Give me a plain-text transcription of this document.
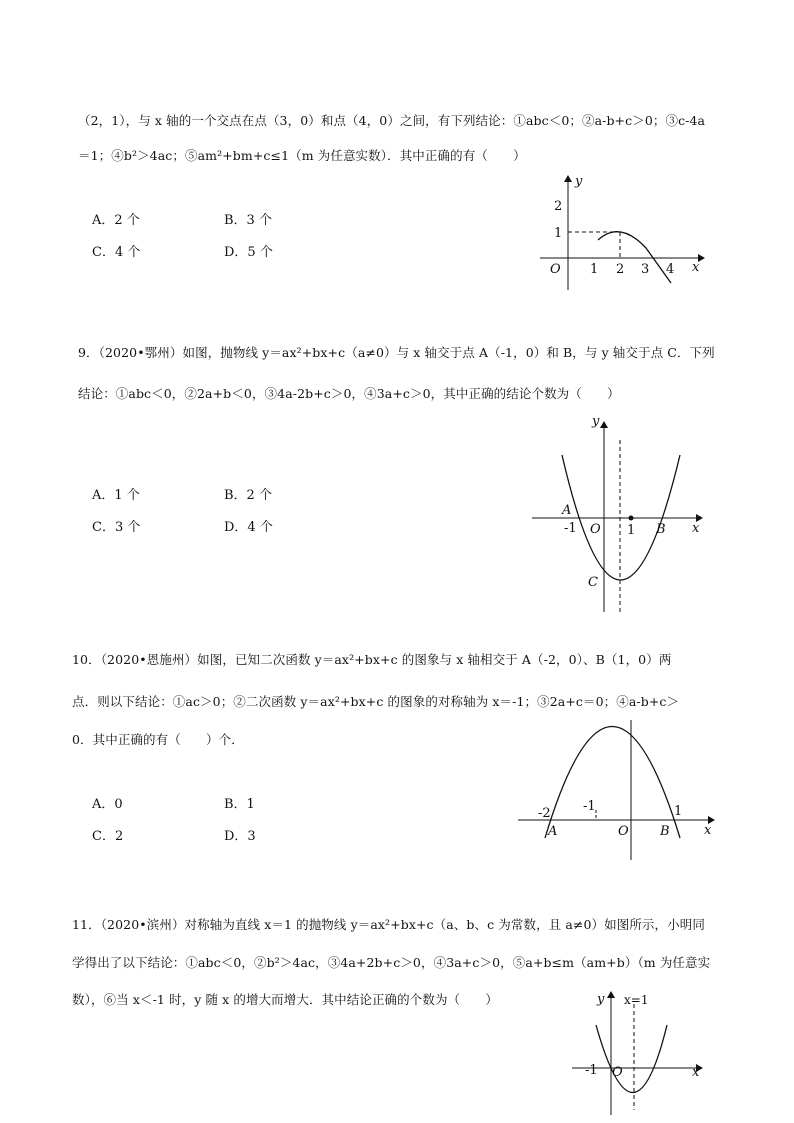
（2，1），与 x 轴的一个交点在点（3，0）和点（4，0）之间，有下列结论：①abc＜0；②a-b+c＞0；③c-4a
＝1；④b²＞4ac；⑤am²+bm+c≤1（m 为任意实数）．其中正确的有（　　）
A．2 个	B．3 个
C．4 个	D．5 个
y
x
O
2
1
1 2 3 4
9．（2020•鄂州）如图，抛物线 y＝ax²+bx+c（a≠0）与 x 轴交于点 A（-1，0）和 B，与 y 轴交于点 C．下列
结论：①abc＜0，②2a+b＜0，③4a-2b+c＞0，④3a+c＞0，其中正确的结论个数为（　　）
A．1 个	B．2 个
C．3 个	D．4 个
y
x
O
A
B
C
-1	1
10．（2020•恩施州）如图，已知二次函数 y＝ax²+bx+c 的图象与 x 轴相交于 A（-2，0）、B（1，0）两
点．则以下结论：①ac＞0；②二次函数 y＝ax²+bx+c 的图象的对称轴为 x＝-1；③2a+c＝0；④a-b+c＞
0．其中正确的有（　　）个．
A．0	B．1
C．2	D．3	x
O
A	B
-2 -1	1
11．（2020•滨州）对称轴为直线 x＝1 的抛物线 y＝ax²+bx+c（a、b、c 为常数，且 a≠0）如图所示，小明同
学得出了以下结论：①abc＜0，②b²＞4ac，③4a+2b+c＞0，④3a+c＞0，⑤a+b≤m（am+b）（m 为任意实
数），⑥当 x＜-1 时，y 随 x 的增大而增大．其中结论正确的个数为（　　）	y x=1
x
O
-1
